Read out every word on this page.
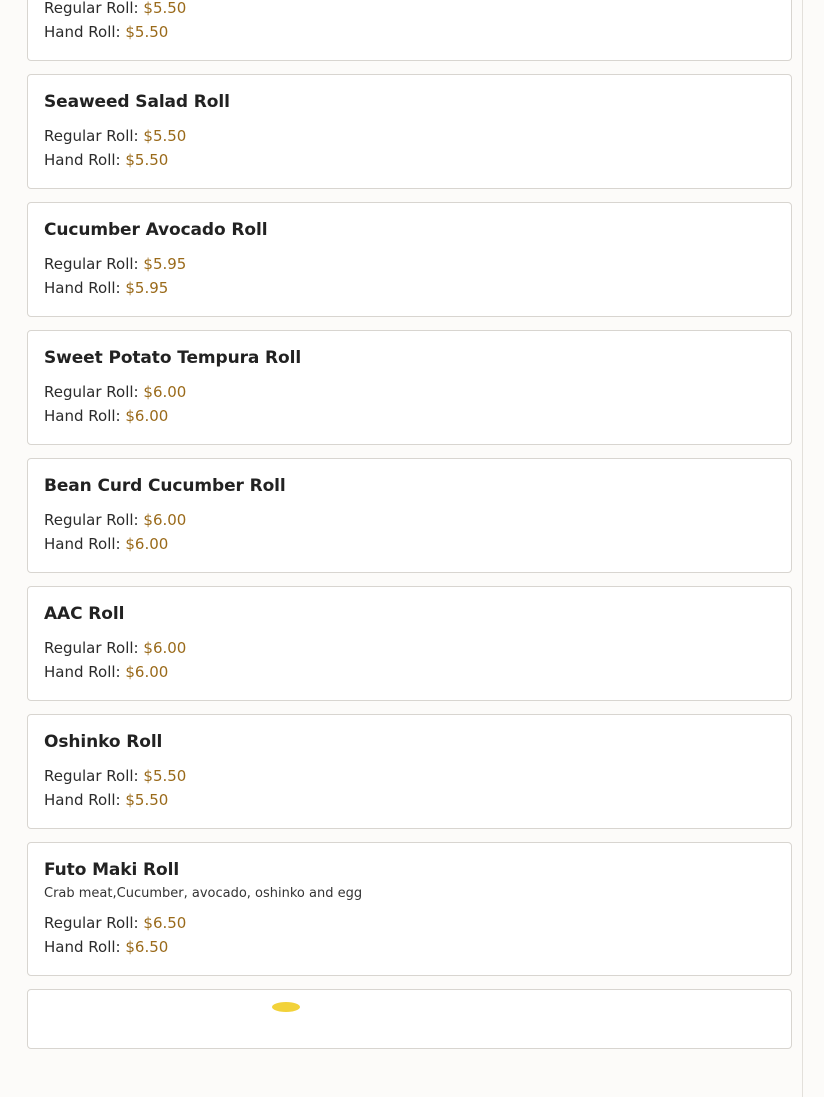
Regular Roll: $5.50
Hand Roll: $5.50
Seaweed Salad Roll
Regular Roll: $5.50
Hand Roll: $5.50
Cucumber Avocado Roll
Regular Roll: $5.95
Hand Roll: $5.95
Sweet Potato Tempura Roll
Regular Roll: $6.00
Hand Roll: $6.00
Bean Curd Cucumber Roll
Regular Roll: $6.00
Hand Roll: $6.00
AAC Roll
Regular Roll: $6.00
Hand Roll: $6.00
Oshinko Roll
Regular Roll: $5.50
Hand Roll: $5.50
Futo Maki Roll
Crab meat,Cucumber, avocado, oshinko and egg
Regular Roll: $6.50
Hand Roll: $6.50
